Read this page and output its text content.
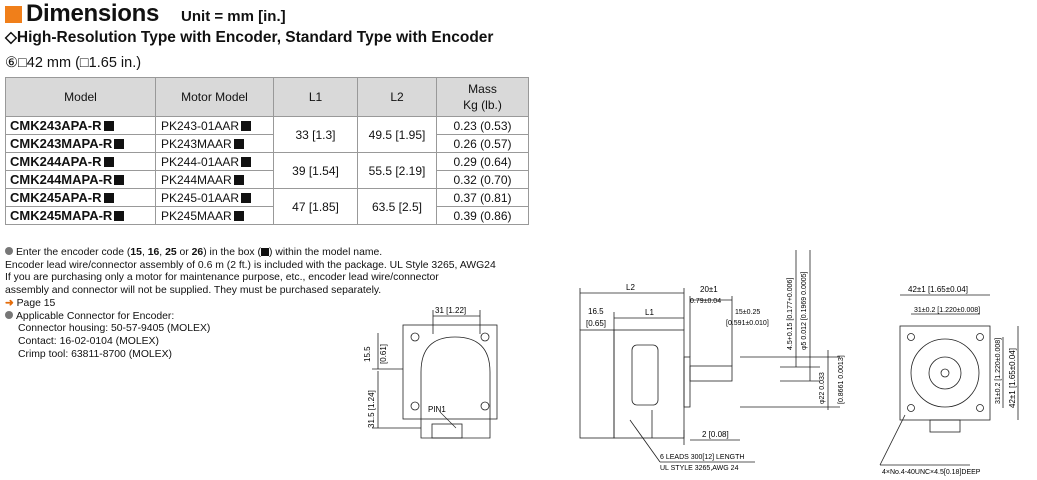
Dimensions Unit = mm [in.]
◇High-Resolution Type with Encoder, Standard Type with Encoder
⑥□42 mm (□1.65 in.)
Model	Motor Model	L1	L2	Mass
Kg (lb.)
CMK243APA-R	PK243-01AAR	33 [1.3]	49.5 [1.95]	0.23 (0.53)
CMK243MAPA-R	PK243MAAR			0.26 (0.57)
CMK244APA-R	PK244-01AAR	39 [1.54]	55.5 [2.19]	0.29 (0.64)
CMK244MAPA-R	PK244MAAR			0.32 (0.70)
CMK245APA-R	PK245-01AAR	47 [1.85]	63.5 [2.5]	0.37 (0.81)
CMK245MAPA-R	PK245MAAR			0.39 (0.86)
Enter the encoder code (15, 16, 25 or 26) in the box ( ) within the model name.
Encoder lead wire/connector assembly of 0.6 m (2 ft.) is included with the package. UL Style 3265, AWG24
If you are purchasing only a motor for maintenance purpose, etc., encoder lead wire/connector
assembly and connector will not be supplied. They must be purchased separately.
➜ Page 15
Applicable Connector for Encoder:
Connector housing: 50-57-9405 (MOLEX)
Contact: 16-02-0104 (MOLEX)
Crimp tool: 63811-8700 (MOLEX)
31 [1.22]
15.5 [0.61]
31.5 [1.24]	PIN1
L2
L1
16.5
[0.65]
20±1
0.79±0.04
15±0.25
[0.591±0.010]	4.5+0.15 [0.177+0.006] φ5 0.012 [0.1969 0.0005]
φ22 0.033 [0.8661 0.0013]
2 [0.08]
6 LEADS 300[12] LENGTH
UL STYLE 3265,AWG 24
42±1 [1.65±0.04]
31±0.2 [1.220±0.008]
31±0.2 [1.220±0.008] 42±1 [1.65±0.04]
4×No.4-40UNC×4.5[0.18]DEEP
